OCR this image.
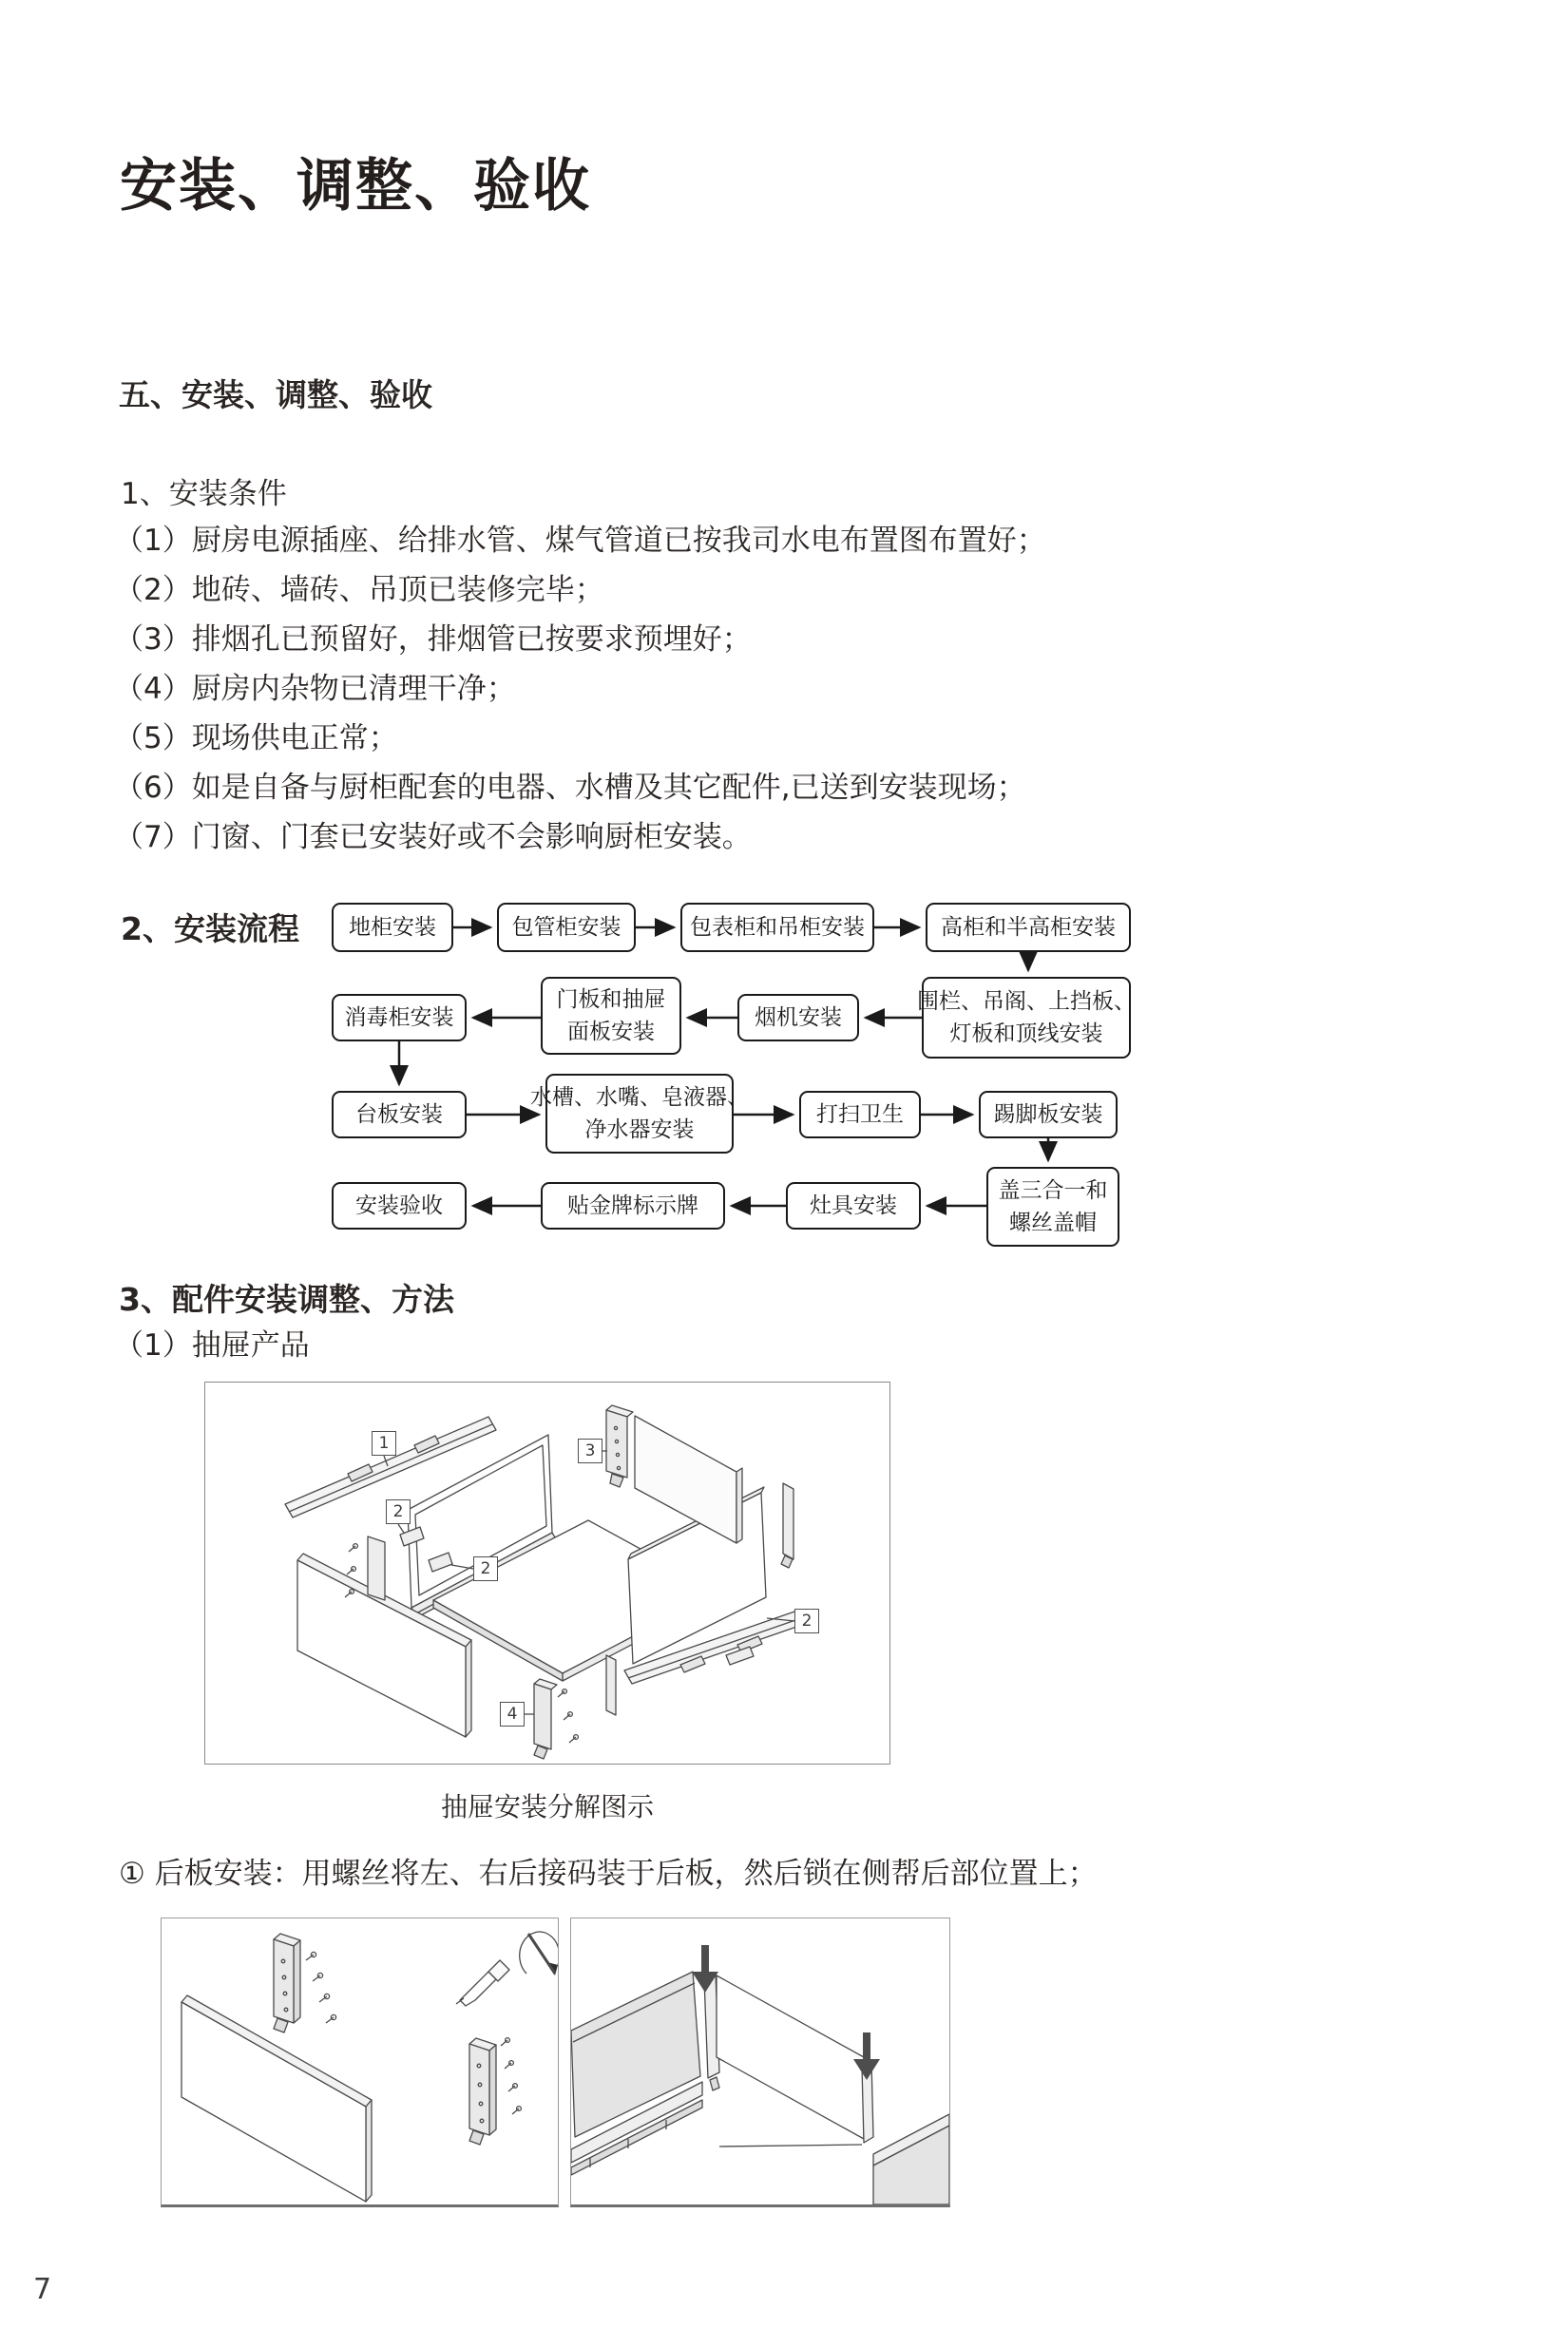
安装、调整、验收
五、安装、调整、验收
1、安装条件
（1）厨房电源插座、给排水管、煤气管道已按我司水电布置图布置好；
（2）地砖、墙砖、吊顶已装修完毕；
（3）排烟孔已预留好，排烟管已按要求预埋好；
（4）厨房内杂物已清理干净；
（5）现场供电正常；
（6）如是自备与厨柜配套的电器、水槽及其它配件,已送到安装现场；
（7）门窗、门套已安装好或不会影响厨柜安装。
2、安装流程 地柜安装	包管柜安装	包表柜和吊柜安装	高柜和半高柜安装
消毒柜安装
门板和抽屉
面板安装
烟机安装
围栏、吊阁、上挡板、
灯板和顶线安装
台板安装
水槽、水嘴、皂液器、
净水器安装
打扫卫生	踢脚板安装
安装验收	贴金牌标示牌	灶具安装
盖三合一和
螺丝盖帽
3、配件安装调整、方法
（1）抽屉产品
1
2
2
2
3
4
抽屉安装分解图示
① 后板安装：用螺丝将左、右后接码装于后板，然后锁在侧帮后部位置上；
7
